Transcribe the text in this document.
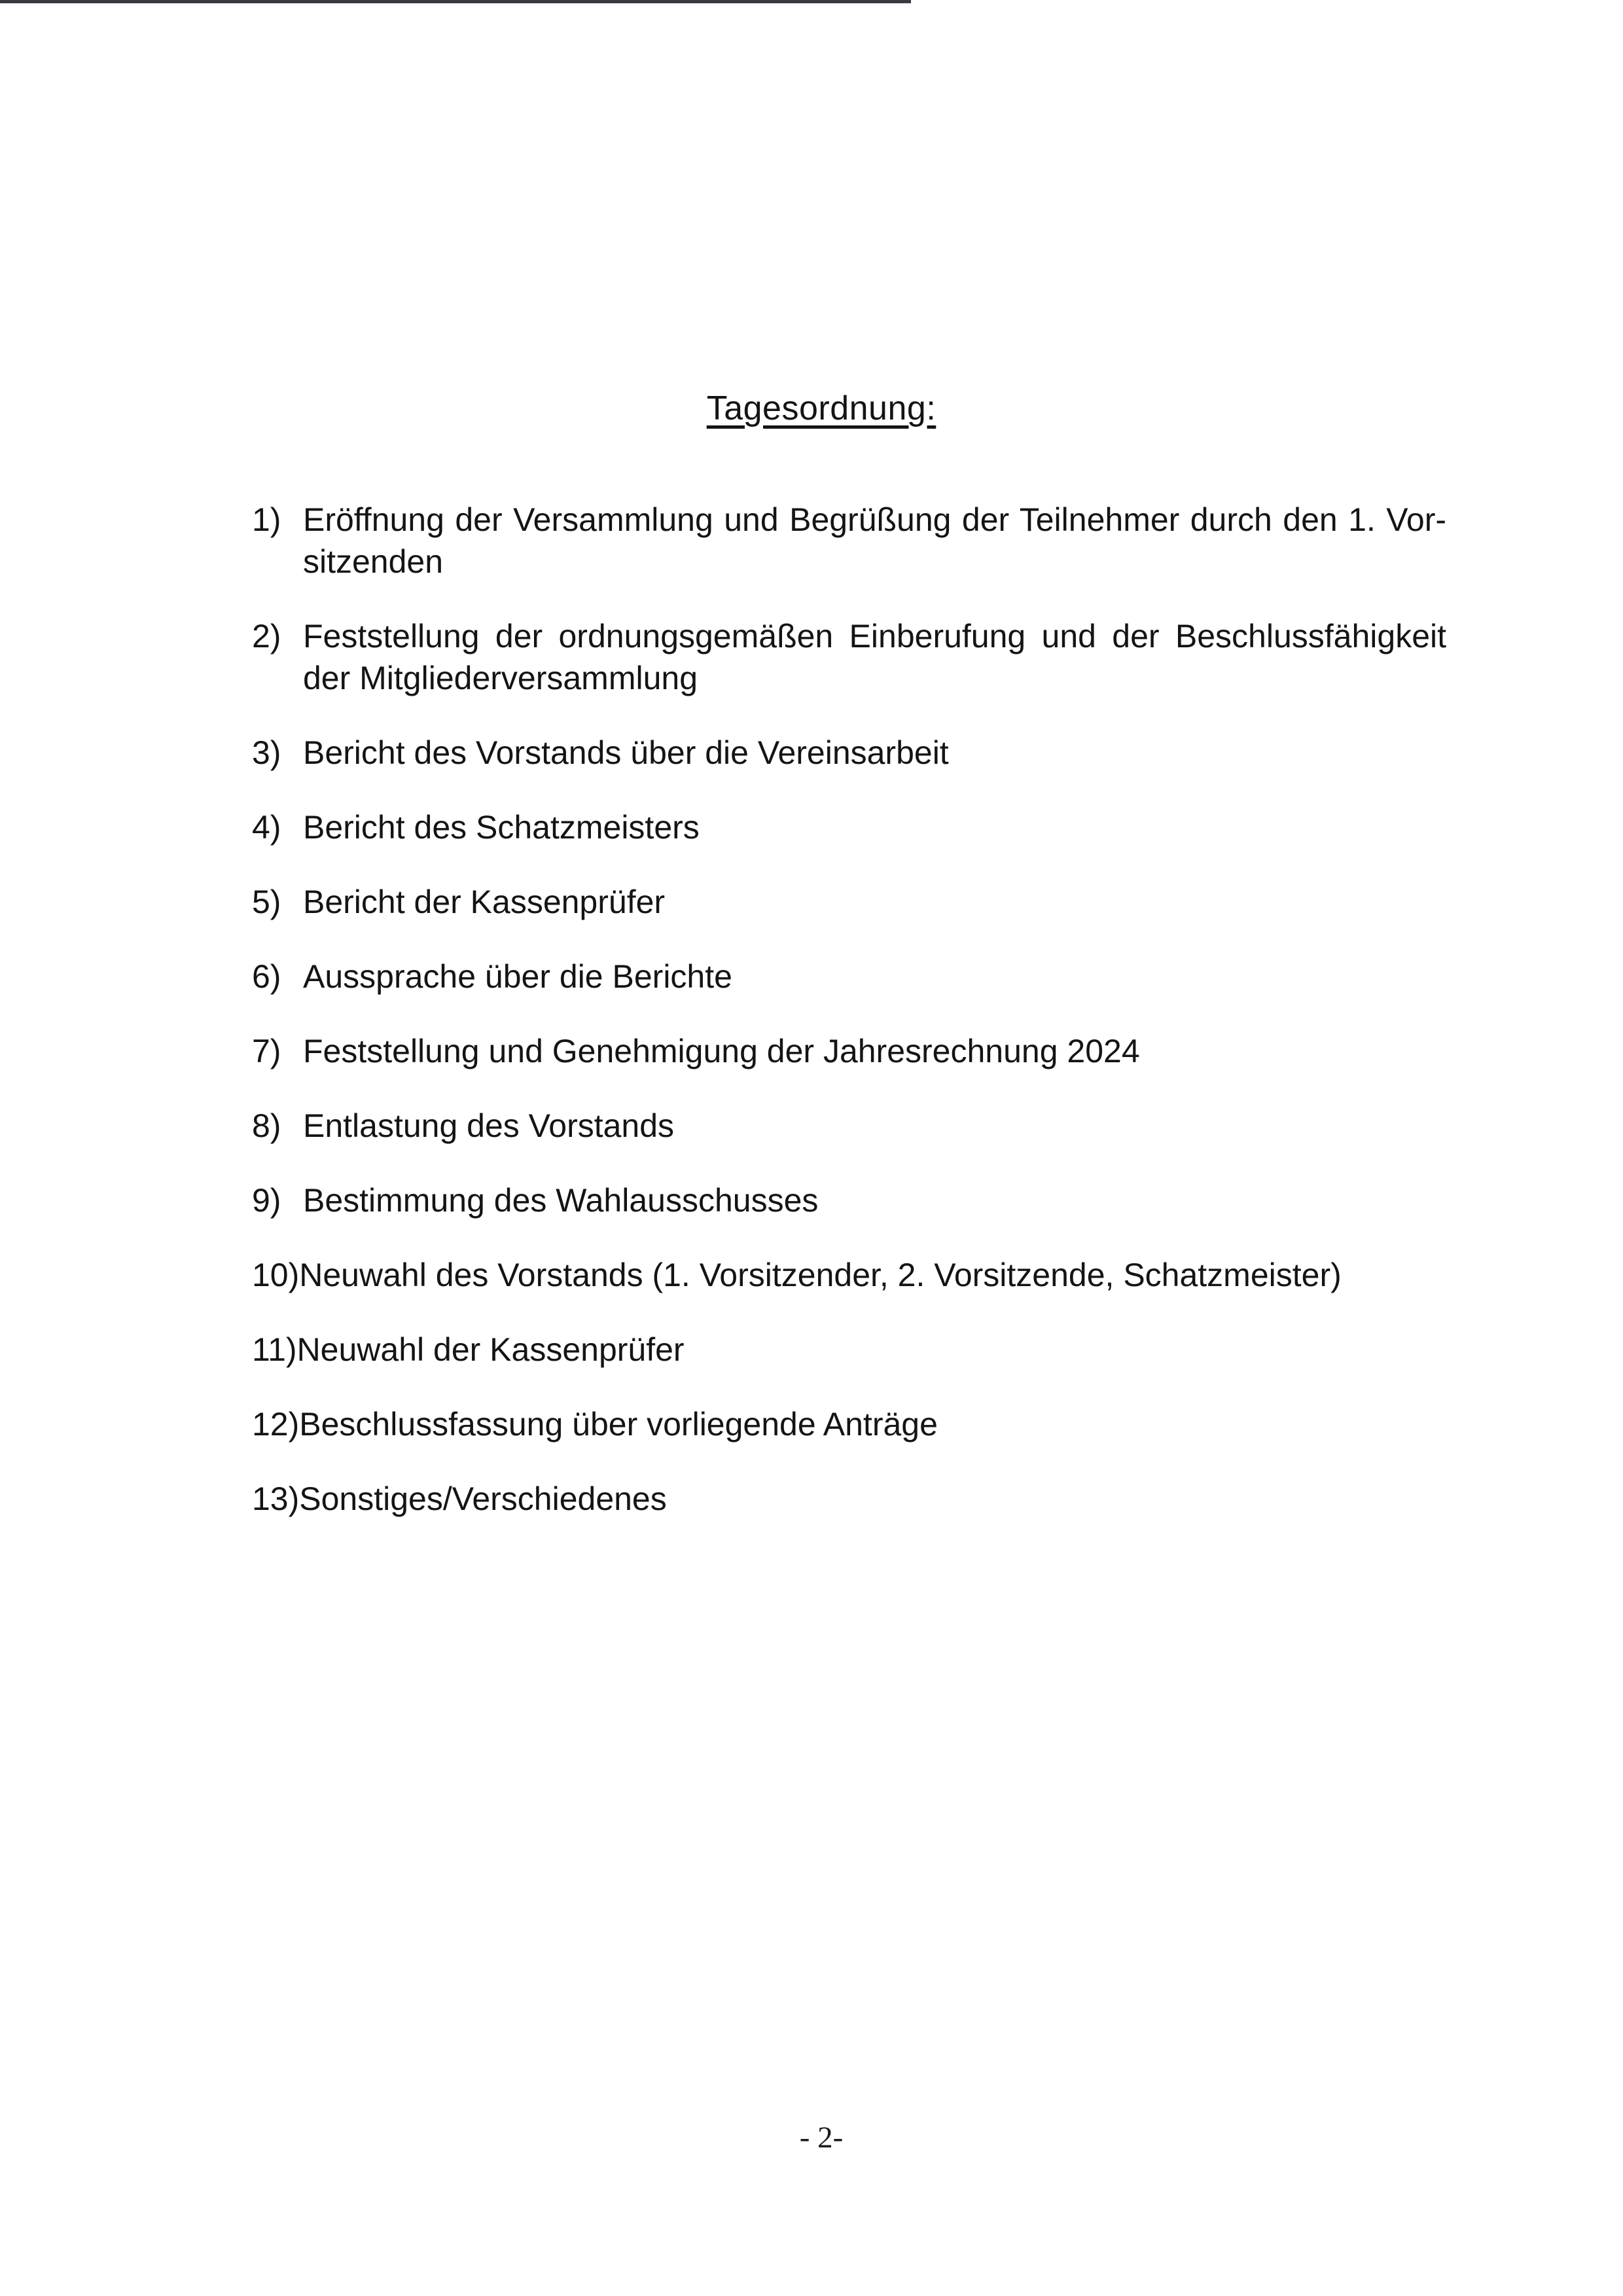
Tagesordnung:
1) Eröffnung der Versammlung und Begrüßung der Teilnehmer durch den 1. Vor-
sitzenden
2) Feststellung der ordnungsgemäßen Einberufung und der Beschlussfähigkeit
der Mitgliederversammlung
3) Bericht des Vorstands über die Vereinsarbeit
4) Bericht des Schatzmeisters
5) Bericht der Kassenprüfer
6) Aussprache über die Berichte
7) Feststellung und Genehmigung der Jahresrechnung 2024
8) Entlastung des Vorstands
9) Bestimmung des Wahlausschusses
10)Neuwahl des Vorstands (1. Vorsitzender, 2. Vorsitzende, Schatzmeister)
11)Neuwahl der Kassenprüfer
12)Beschlussfassung über vorliegende Anträge
13)Sonstiges/Verschiedenes
- 2-
